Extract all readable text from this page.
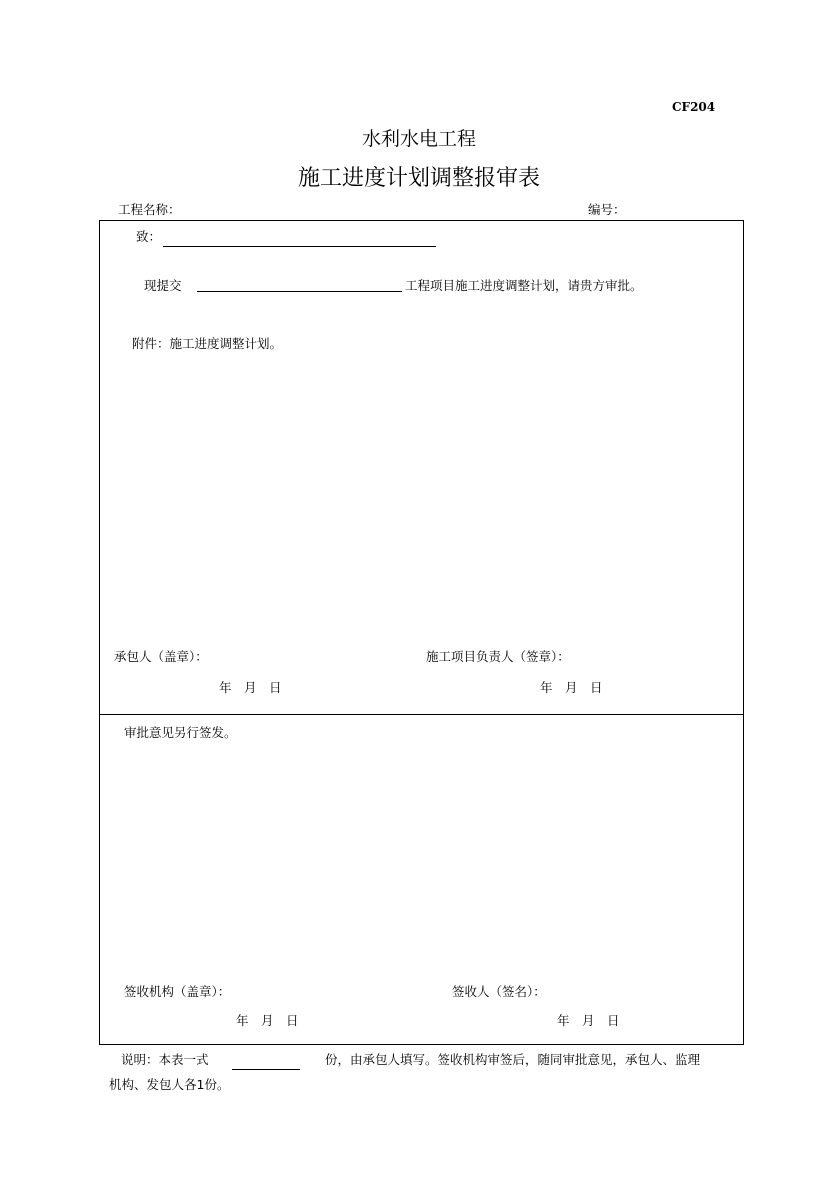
CF204
水利水电工程
施工进度计划调整报审表
工程名称：	编号：
致：
现提交	工程项目施工进度调整计划，请贵方审批。
附件：施工进度调整计划。
承包人（盖章）：	施工项目负责人（签章）：
年　月　日	年　月　日
审批意见另行签发。
签收机构（盖章）：	签收人（签名）：
年　月　日	年　月　日
说明：本表一式	份，由承包人填写。签收机构审签后，随同审批意见，承包人、监理
机构、发包人各1份。
